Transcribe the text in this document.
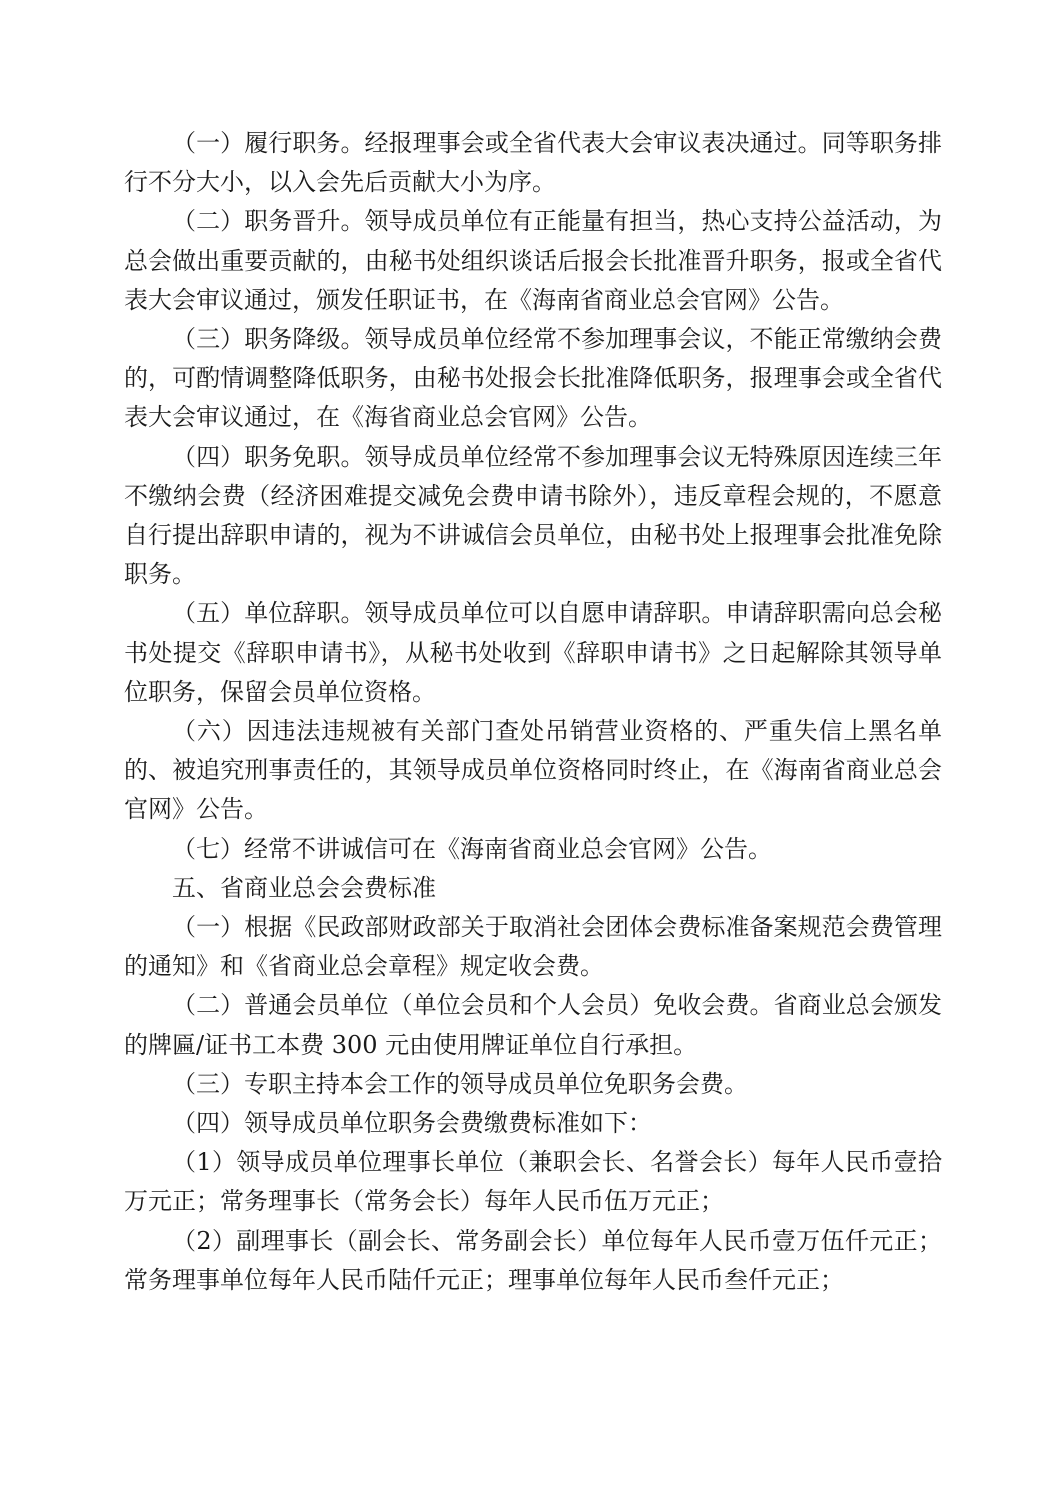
（一）履行职务。经报理事会或全省代表大会审议表决通过。同等职务排行不分大小，以入会先后贡献大小为序。

（二）职务晋升。领导成员单位有正能量有担当，热心支持公益活动，为总会做出重要贡献的，由秘书处组织谈话后报会长批准晋升职务，报或全省代表大会审议通过，颁发任职证书，在《海南省商业总会官网》公告。

（三）职务降级。领导成员单位经常不参加理事会议，不能正常缴纳会费的，可酌情调整降低职务，由秘书处报会长批准降低职务，报理事会或全省代表大会审议通过，在《海省商业总会官网》公告。

（四）职务免职。领导成员单位经常不参加理事会议无特殊原因连续三年不缴纳会费（经济困难提交减免会费申请书除外），违反章程会规的，不愿意自行提出辞职申请的，视为不讲诚信会员单位，由秘书处上报理事会批准免除职务。

（五）单位辞职。领导成员单位可以自愿申请辞职。申请辞职需向总会秘书处提交《辞职申请书》，从秘书处收到《辞职申请书》之日起解除其领导单位职务，保留会员单位资格。

（六）因违法违规被有关部门查处吊销营业资格的、严重失信上黑名单的、被追究刑事责任的，其领导成员单位资格同时终止，在《海南省商业总会官网》公告。

（七）经常不讲诚信可在《海南省商业总会官网》公告。

五、省商业总会会费标准

（一）根据《民政部财政部关于取消社会团体会费标准备案规范会费管理的通知》和《省商业总会章程》规定收会费。

（二）普通会员单位（单位会员和个人会员）免收会费。省商业总会颁发的牌匾/证书工本费 300 元由使用牌证单位自行承担。

（三）专职主持本会工作的领导成员单位免职务会费。

（四）领导成员单位职务会费缴费标准如下：

（1）领导成员单位理事长单位（兼职会长、名誉会长）每年人民币壹拾万元正；常务理事长（常务会长）每年人民币伍万元正；

（2）副理事长（副会长、常务副会长）单位每年人民币壹万伍仟元正；常务理事单位每年人民币陆仟元正；理事单位每年人民币叁仟元正；
